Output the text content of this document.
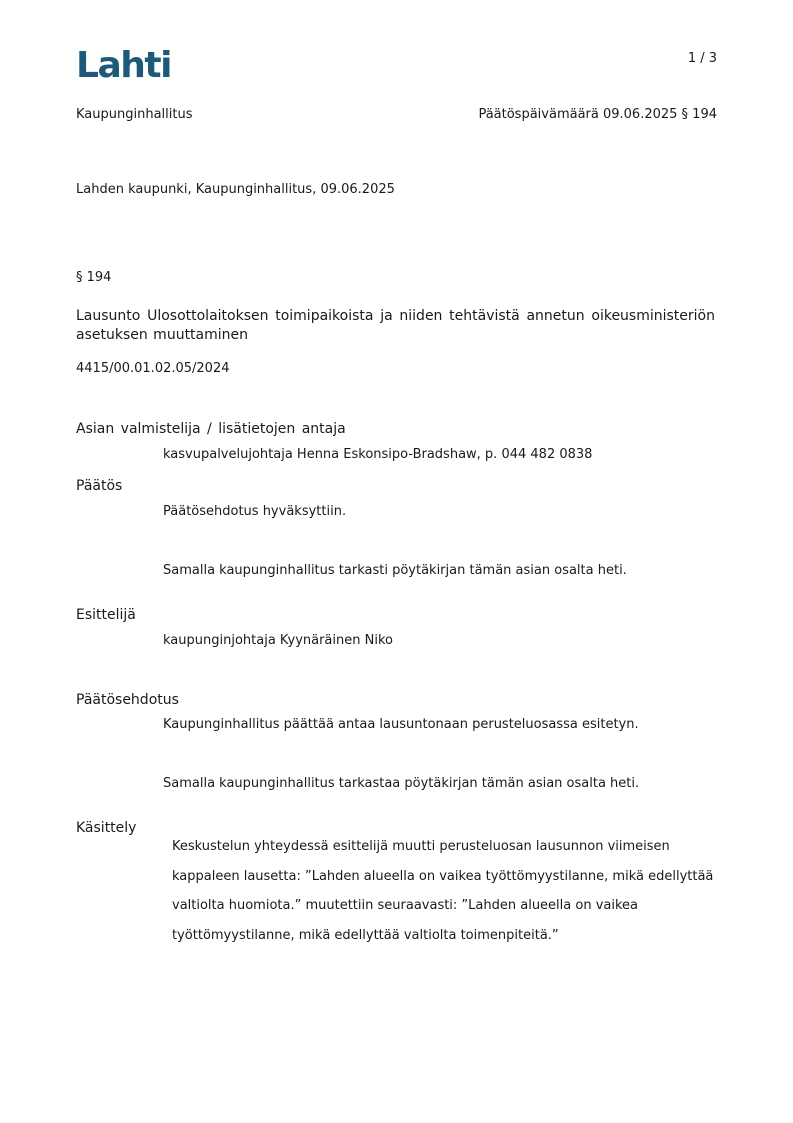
Lahti	1 / 3
Kaupunginhallitus	Päätöspäivämäärä 09.06.2025 § 194
Lahden kaupunki, Kaupunginhallitus, 09.06.2025
§ 194
Lausunto Ulosottolaitoksen toimipaikoista ja niiden tehtävistä annetun oikeusministeriön asetuksen muuttaminen
4415/00.01.02.05/2024
Asian valmistelija / lisätietojen antaja
kasvupalvelujohtaja Henna Eskonsipo-Bradshaw, p. 044 482 0838
Päätös
Päätösehdotus hyväksyttiin.
Samalla kaupunginhallitus tarkasti pöytäkirjan tämän asian osalta heti.
Esittelijä
kaupunginjohtaja Kyynäräinen Niko
Päätösehdotus
Kaupunginhallitus päättää antaa lausuntonaan perusteluosassa esitetyn.
Samalla kaupunginhallitus tarkastaa pöytäkirjan tämän asian osalta heti.
Käsittely
Keskustelun yhteydessä esittelijä muutti perusteluosan lausunnon viimeisen
kappaleen lausetta: ”Lahden alueella on vaikea työttömyystilanne, mikä edellyttää
valtiolta huomiota.” muutettiin seuraavasti: ”Lahden alueella on vaikea
työttömyystilanne, mikä edellyttää valtiolta toimenpiteitä.”
